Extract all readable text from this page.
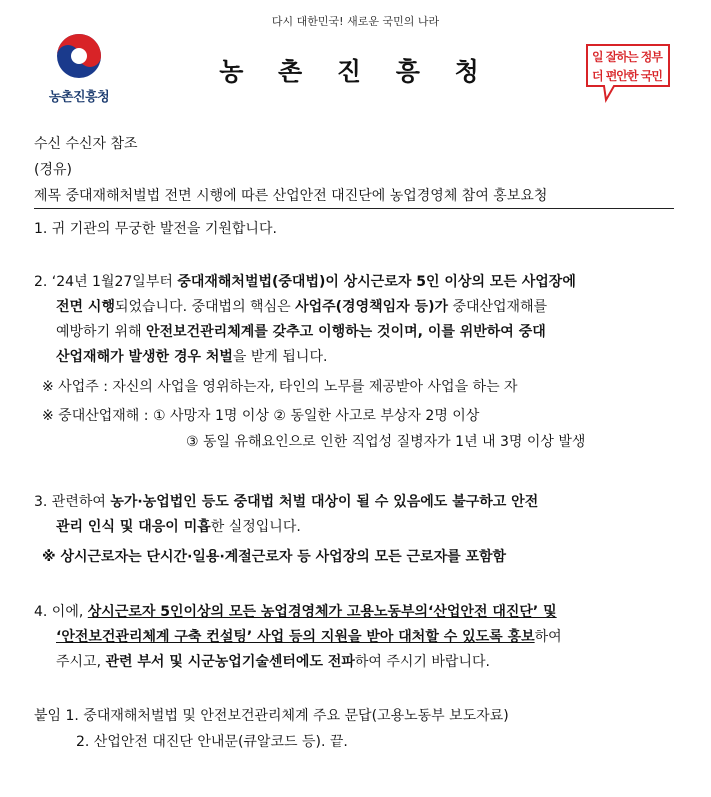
다시 대한민국! 새로운 국민의 나라
농촌진흥청
농 촌 진 흥 청	일 잘하는 정부
더 편안한 국민
수신 수신자 참조
(경유)
제목 중대재해처벌법 전면 시행에 따른 산업안전 대진단에 농업경영체 참여 홍보요청
1. 귀 기관의 무궁한 발전을 기원합니다.
2. ‘24년 1월27일부터 중대재해처벌법(중대법)이 상시근로자 5인 이상의 모든 사업장에
전면 시행되었습니다. 중대법의 핵심은 사업주(경영책임자 등)가 중대산업재해를
예방하기 위해 안전보건관리체계를 갖추고 이행하는 것이며, 이를 위반하여 중대
산업재해가 발생한 경우 처벌을 받게 됩니다.
※ 사업주 : 자신의 사업을 영위하는자, 타인의 노무를 제공받아 사업을 하는 자
※ 중대산업재해 : ① 사망자 1명 이상 ② 동일한 사고로 부상자 2명 이상
③ 동일 유해요인으로 인한 직업성 질병자가 1년 내 3명 이상 발생
3. 관련하여 농가·농업법인 등도 중대법 처벌 대상이 될 수 있음에도 불구하고 안전
관리 인식 및 대응이 미흡한 실정입니다.
※ 상시근로자는 단시간·일용·계절근로자 등 사업장의 모든 근로자를 포함함
4. 이에, 상시근로자 5인이상의 모든 농업경영체가 고용노동부의‘산업안전 대진단’ 및
‘안전보건관리체계 구축 컨설팅’ 사업 등의 지원을 받아 대처할 수 있도록 홍보하여
주시고, 관련 부서 및 시군농업기술센터에도 전파하여 주시기 바랍니다.
붙임 1. 중대재해처벌법 및 안전보건관리체계 주요 문답(고용노동부 보도자료)
2. 산업안전 대진단 안내문(큐알코드 등). 끝.
